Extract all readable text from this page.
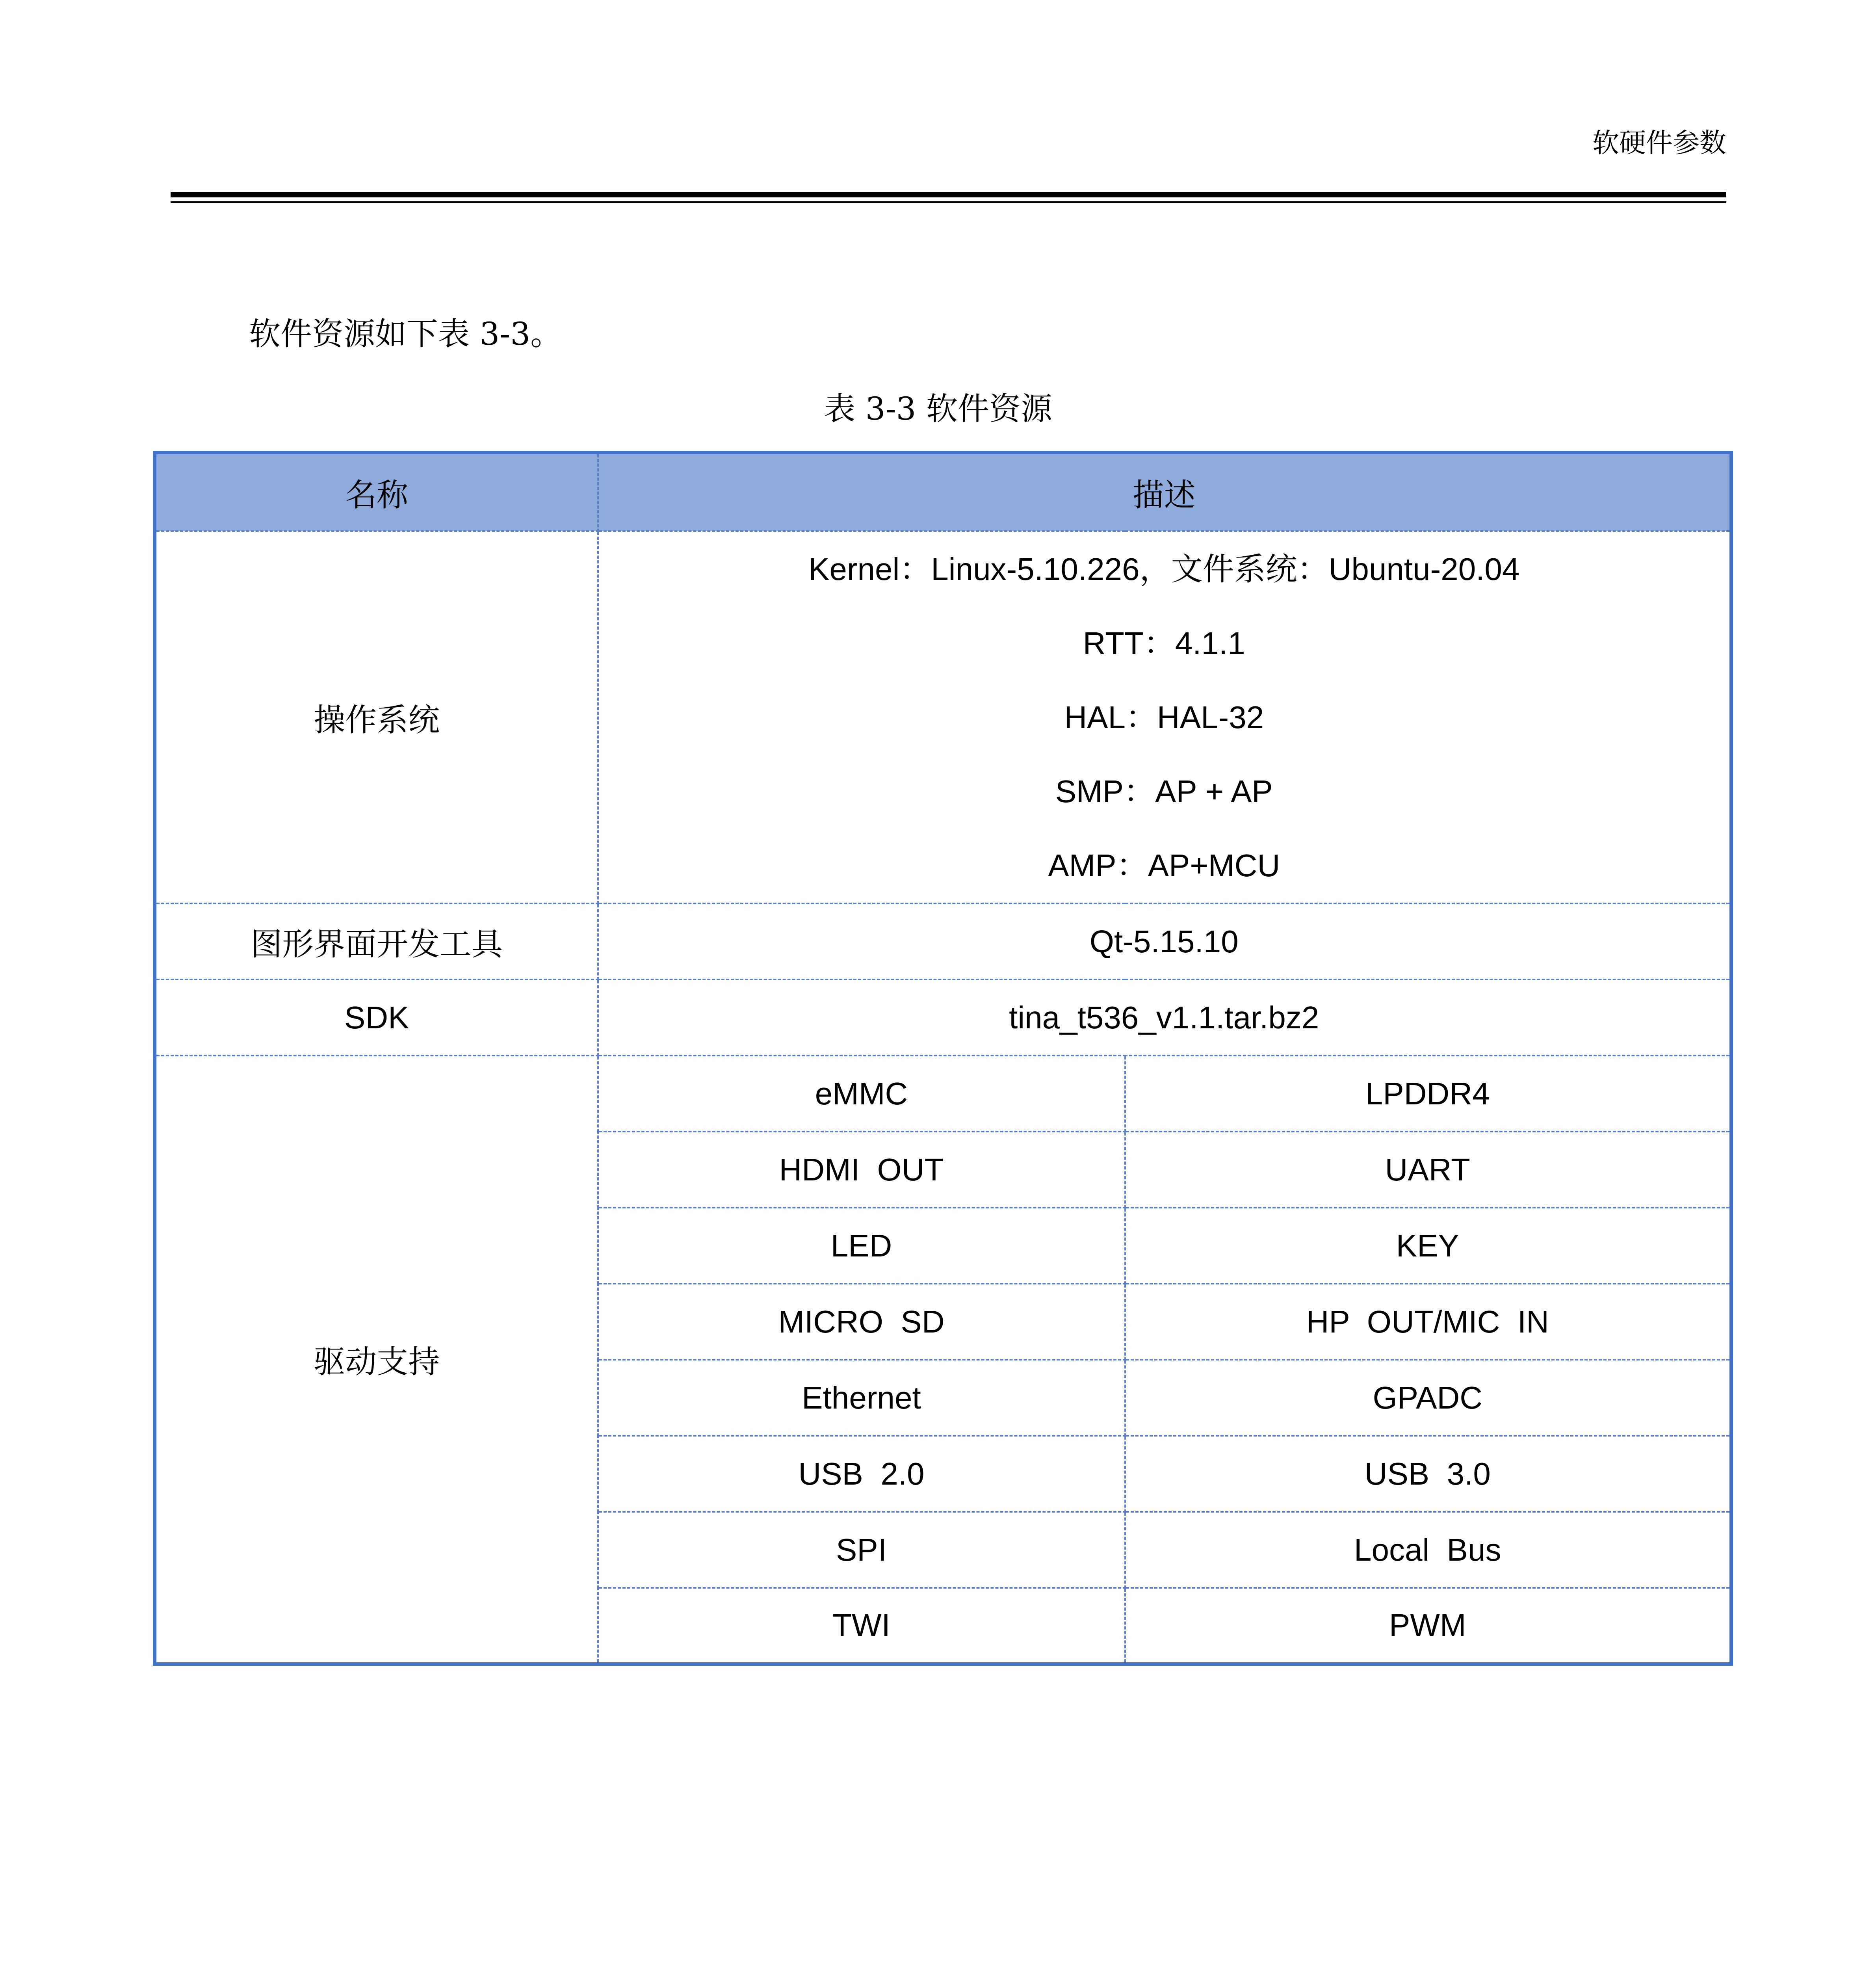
软硬件参数
软件资源如下表 3-3。
表 3-3 软件资源
名称	描述	
操作系统	Kernel：Linux-5.10.226，文件系统：Ubuntu-20.04
RTT：4.1.1
HAL：HAL-32
SMP：AP + AP
AMP：AP+MCU	

图形界面开发工具	Qt-5.15.10	
SDK	tina_t536_v1.1.tar.bz2	
驱动支持	eMMC	LPDDR4
	HDMI  OUT	UART
	LED	KEY
	MICRO  SD	HP  OUT/MIC  IN
	Ethernet	GPADC
	USB  2.0	USB  3.0
	SPI	Local  Bus
	TWI	PWM
